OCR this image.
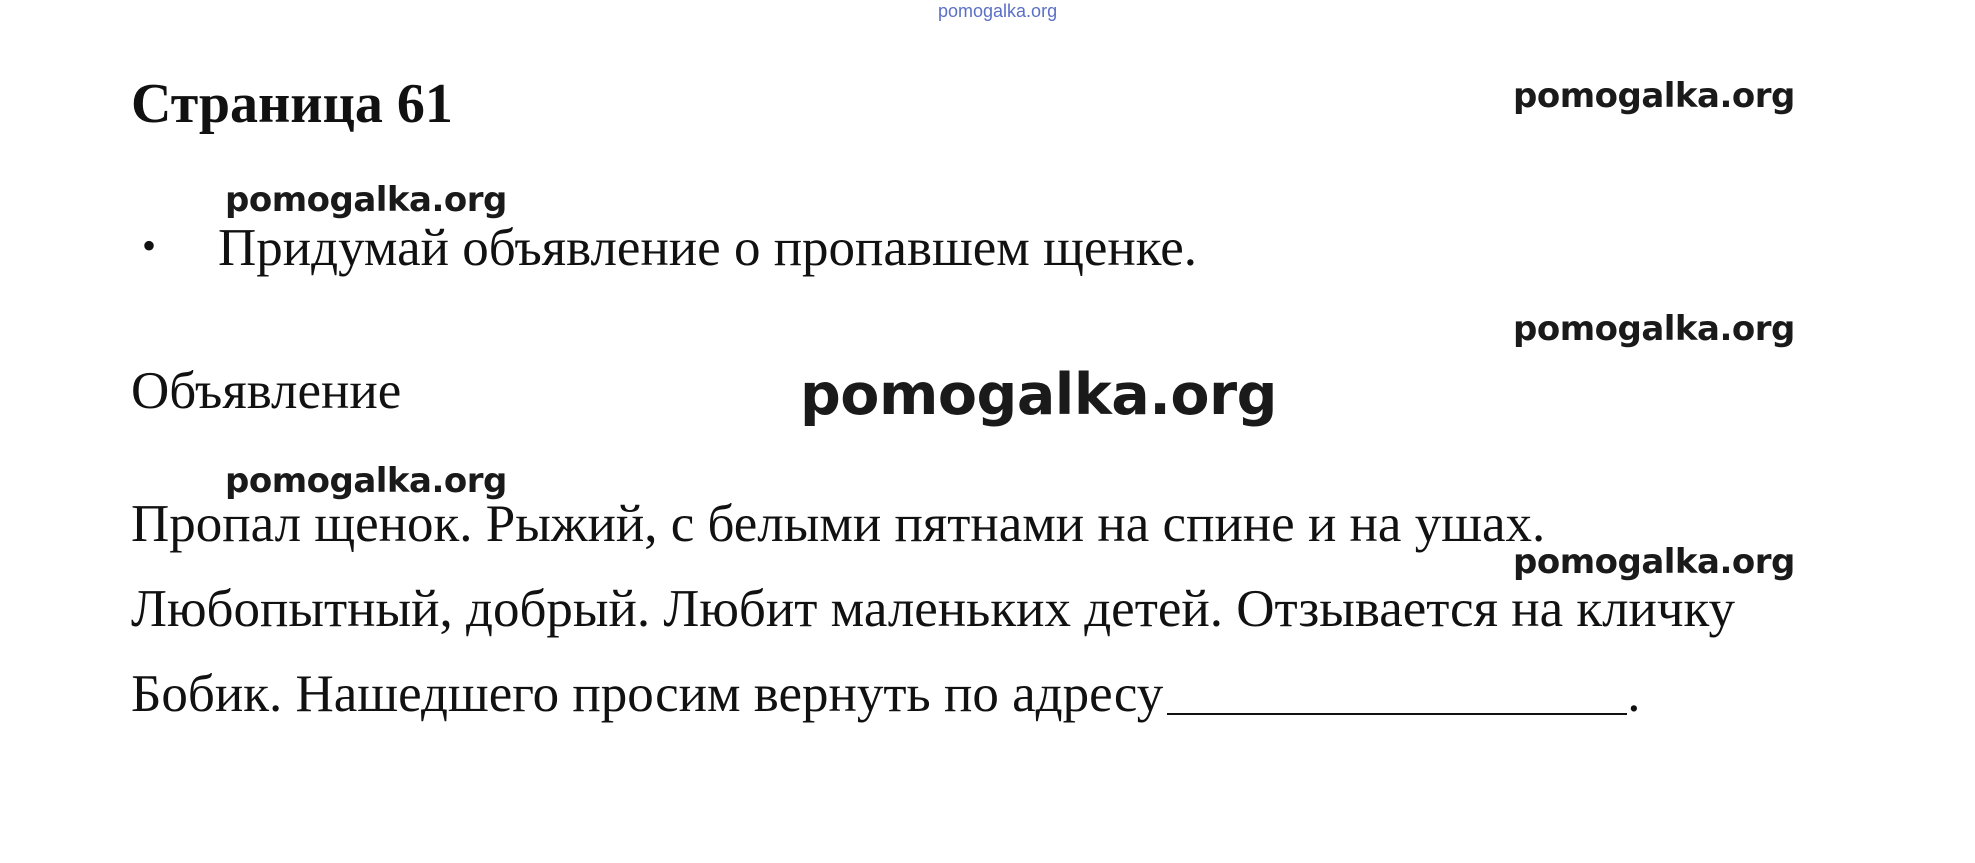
pomogalka.org
Страница 61
• Придумай объявление о пропавшем щенке.
Объявление
Пропал щенок. Рыжий, с белыми пятнами на спине и на ушах.
Любопытный, добрый. Любит маленьких детей. Отзывается на кличку
Бобик. Нашедшего просим вернуть по адресу	.
pomogalka.org
pomogalka.org
pomogalka.org
pomogalka.org
pomogalka.org
pomogalka.org
